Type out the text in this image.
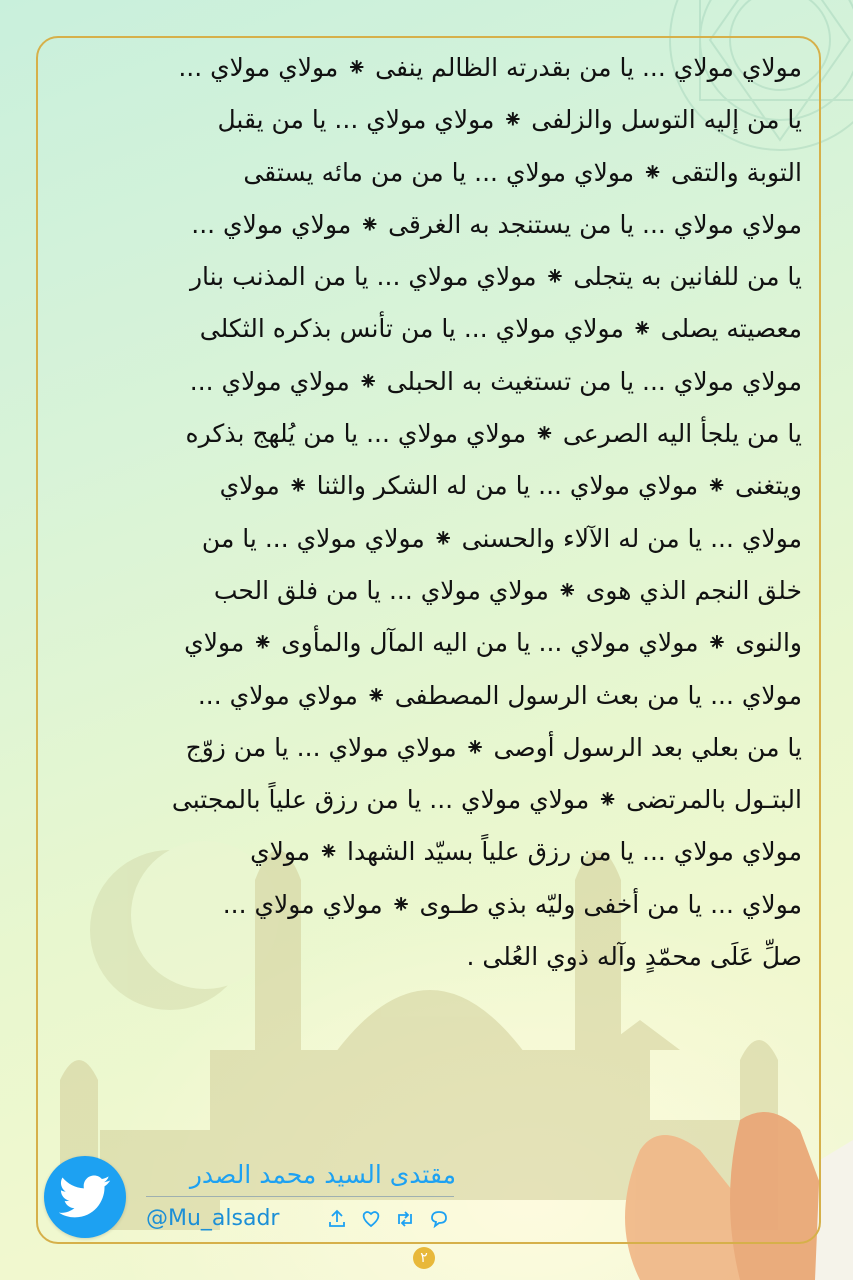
مولاي مولاي ... يا من بقدرته الظالم ينفى ⁕ مولاي مولاي ...

يا من إليه التوسل والزلفى ⁕ مولاي مولاي ... يا من يقبل

التوبة والتقى ⁕ مولاي مولاي ... يا من من مائه يستقى

مولاي مولاي ... يا من يستنجد به الغرقى ⁕ مولاي مولاي ...

يا من للفانين به يتجلى ⁕ مولاي مولاي ... يا من المذنب بنار

معصيته يصلى ⁕ مولاي مولاي ... يا من تأنس بذكره الثكلى

مولاي مولاي ... يا من تستغيث به الحبلى ⁕ مولاي مولاي ...

يا من يلجأ اليه الصرعى ⁕ مولاي مولاي ... يا من يُلهج بذكره

ويتغنى ⁕ مولاي مولاي ... يا من له الشكر والثنا ⁕ مولاي

مولاي ... يا من له الآلاء والحسنى ⁕ مولاي مولاي ... يا من

خلق النجم الذي هوى ⁕ مولاي مولاي ... يا من فلق الحب

والنوى ⁕ مولاي مولاي ... يا من اليه المآل والمأوى ⁕ مولاي

مولاي ... يا من بعث الرسول المصطفى ⁕ مولاي مولاي ...

يا من بعلي بعد الرسول أوصى ⁕ مولاي مولاي ... يا من زوّج

البتـول بالمرتضى ⁕ مولاي مولاي ... يا من رزق علياً بالمجتبى

مولاي مولاي ... يا من رزق علياً بسيّد الشهدا ⁕ مولاي

مولاي ... يا من أخفى وليّه بذي طـوى ⁕ مولاي مولاي ...

صلِّ عَلَى محمّدٍ وآله ذوي العُلى .

مقتدى السيد محمد الصدر
@Mu_alsadr
٢
